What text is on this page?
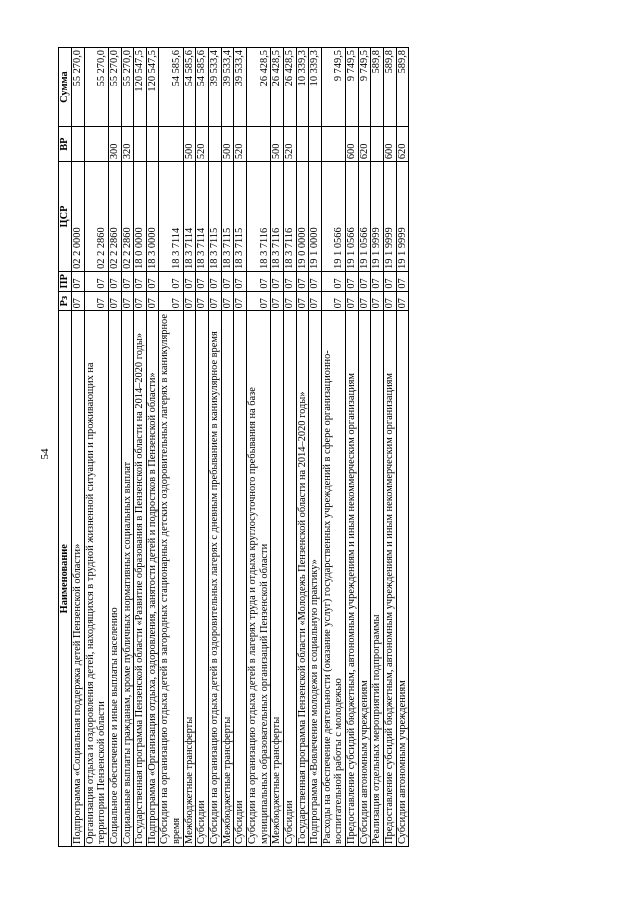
54
Наименование	Рз	ПР	ЦСР	ВР	Сумма
Подпрограмма «Социальная поддержка детей Пензенской области»	07	07	02 2 0000		55 270,0
Организация отдыха и оздоровления детей, находящихся в трудной жизненной ситуации и проживающих на территории Пензенской области	07	07	02 2 2860		55 270,0
Социальное обеспечение и иные выплаты населению	07	07	02 2 2860	300	55 270,0
Социальные выплаты гражданам, кроме публичных нормативных социальных выплат	07	07	02 2 2860	320	55 270,0
Государственная программа Пензенской области «Развитие образования в Пензенской области на 2014–2020 годы»	07	07	18 0 0000		120 547,5
Подпрограмма «Организация отдыха, оздоровления, занятости детей и подростков в Пензенской области»	07	07	18 3 0000		120 547,5
Субсидии на организацию отдыха детей в загородных стационарных детских оздоровительных лагерях в каникулярное время	07	07	18 3 7114		54 585,6
Межбюджетные трансферты	07	07	18 3 7114	500	54 585,6
Субсидии	07	07	18 3 7114	520	54 585,6
Субсидии на организацию отдыха детей в оздоровительных лагерях с дневным пребыванием в каникулярное время	07	07	18 3 7115		39 533,4
Межбюджетные трансферты	07	07	18 3 7115	500	39 533,4
Субсидии	07	07	18 3 7115	520	39 533,4
Субсидии на организацию отдыха детей в лагерях труда и отдыха круглосуточного пребывания на базе муниципальных образовательных организаций Пензенской области	07	07	18 3 7116		26 428,5
Межбюджетные трансферты	07	07	18 3 7116	500	26 428,5
Субсидии	07	07	18 3 7116	520	26 428,5
Государственная программа Пензенской области «Молодежь Пензенской области на 2014–2020 годы»	07	07	19 0 0000		10 339,3
Подпрограмма «Вовлечение молодежи в социальную практику»	07	07	19 1 0000		10 339,3
Расходы на обеспечение деятельности (оказание услуг) государственных учреждений в сфере организационно-воспитательной работы с молодежью	07	07	19 1 0566		9 749,5
Предоставление субсидий бюджетным, автономным учреждениям и иным некоммерческим организациям	07	07	19 1 0566	600	9 749,5
Субсидии автономным учреждениям	07	07	19 1 0566	620	9 749,5
Реализация отдельных мероприятий подпрограммы	07	07	19 1 9999		589,8
Предоставление субсидий бюджетным, автономным учреждениям и иным некоммерческим организациям	07	07	19 1 9999	600	589,8
Субсидии автономным учреждениям	07	07	19 1 9999	620	589,8
